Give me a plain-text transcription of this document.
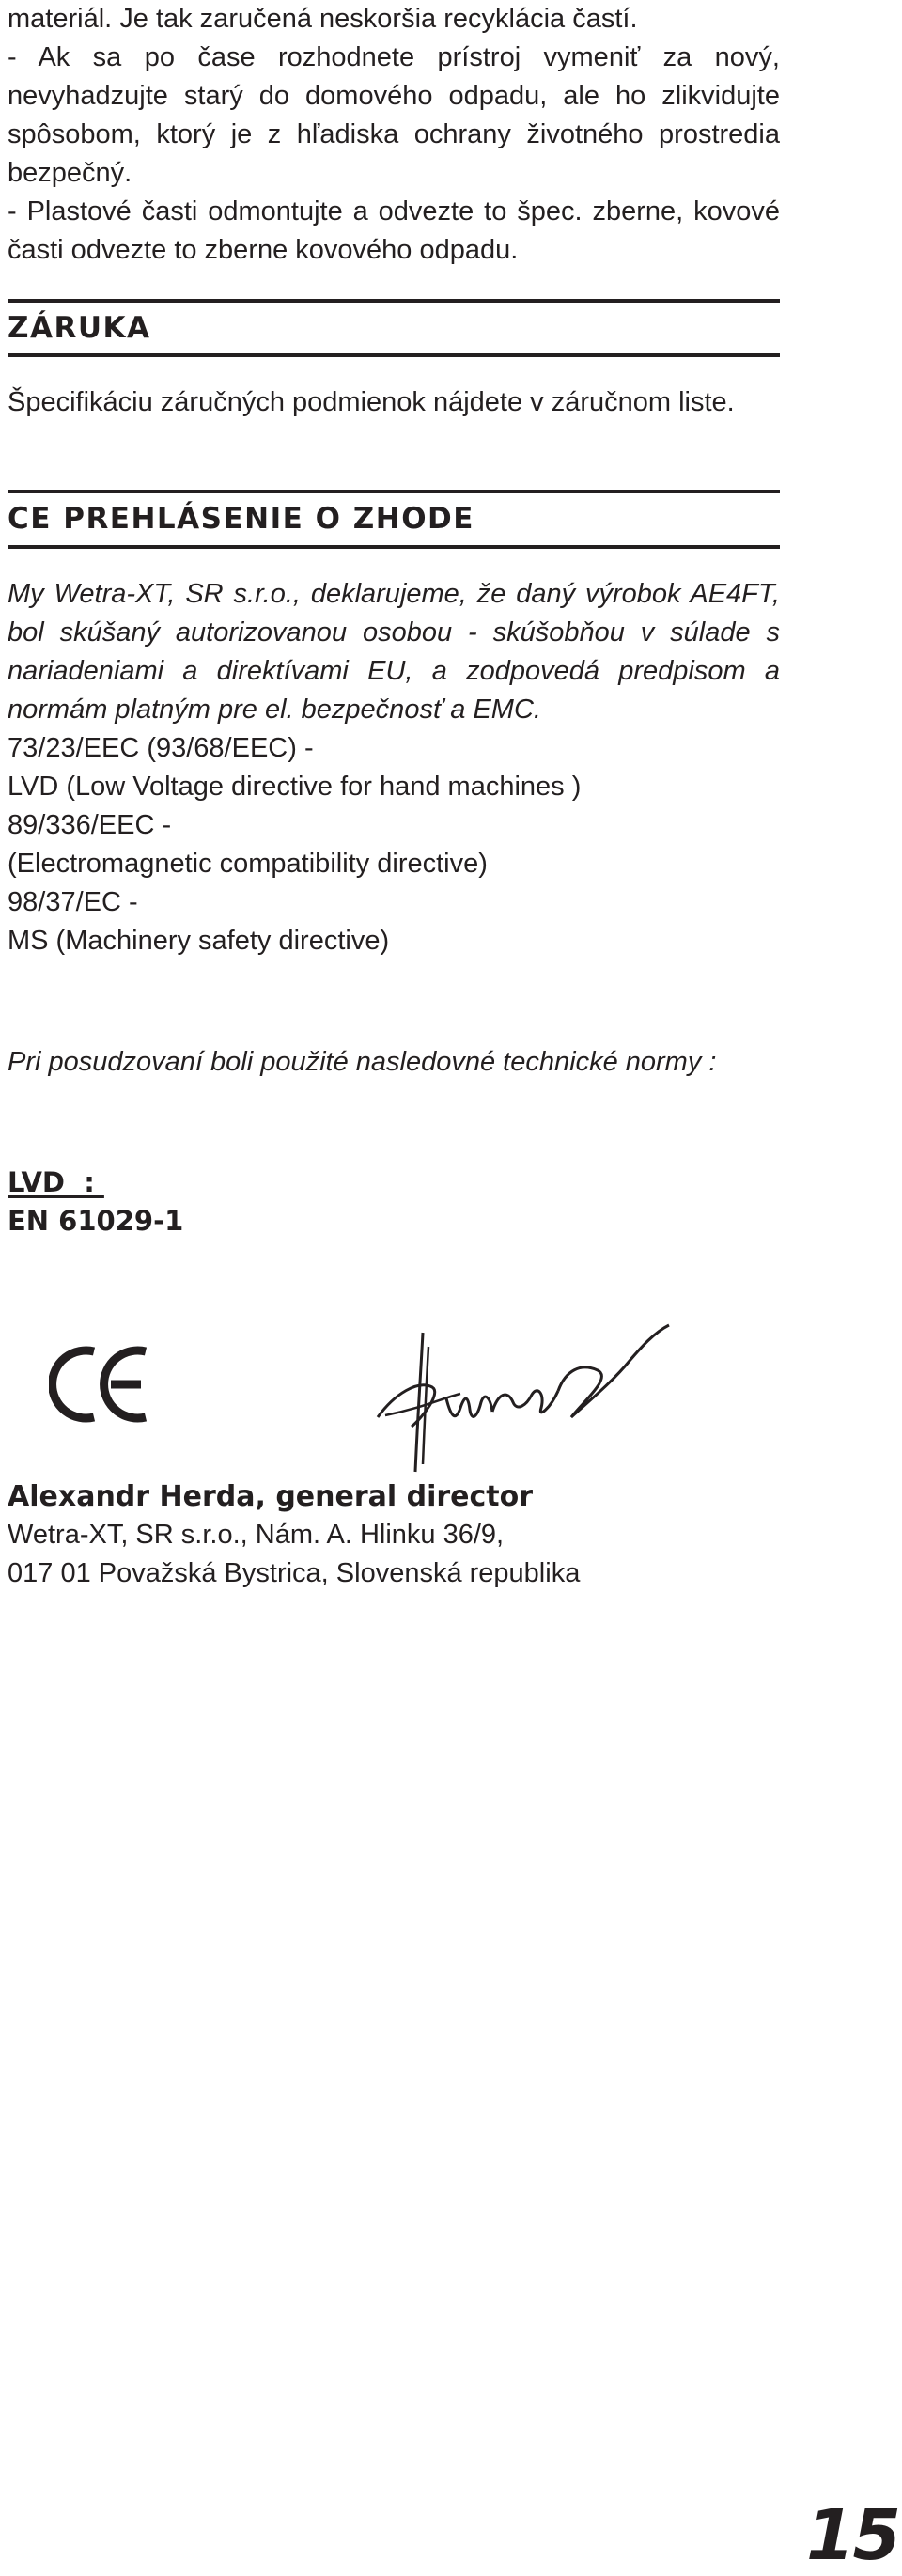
materiál. Je tak zaručená neskoršia recyklácia častí.

- Ak sa po čase rozhodnete prístroj vymeniť za nový, nevyhadzujte starý do domového odpadu, ale ho zlikvidujte spôsobom, ktorý je z hľadiska ochrany životného prostredia bezpečný.

- Plastové časti odmontujte a odvezte to špec. zberne, kovové časti odvezte to zberne kovového odpadu.

ZÁRUKA

Špecifikáciu záručných podmienok nájdete v záručnom liste.

CE PREHLÁSENIE O ZHODE

My Wetra-XT, SR s.r.o., deklarujeme, že daný výrobok AE4FT, bol skúšaný autorizovanou osobou - skúšobňou v súlade s nariadeniami a direktívami EU, a zodpovedá predpisom a normám platným pre el. bezpečnosť a EMC.

73/23/EEC (93/68/EEC) -

LVD (Low Voltage directive for hand machines )

89/336/EEC -

(Electromagnetic compatibility directive)

98/37/EC -

MS (Machinery safety directive)

Pri posudzovaní boli použité nasledovné technické normy :

LVD  :

EN 61029-1

Alexandr Herda, general director

Wetra-XT, SR s.r.o., Nám. A. Hlinku 36/9,

017 01 Považská Bystrica, Slovenská republika

15
